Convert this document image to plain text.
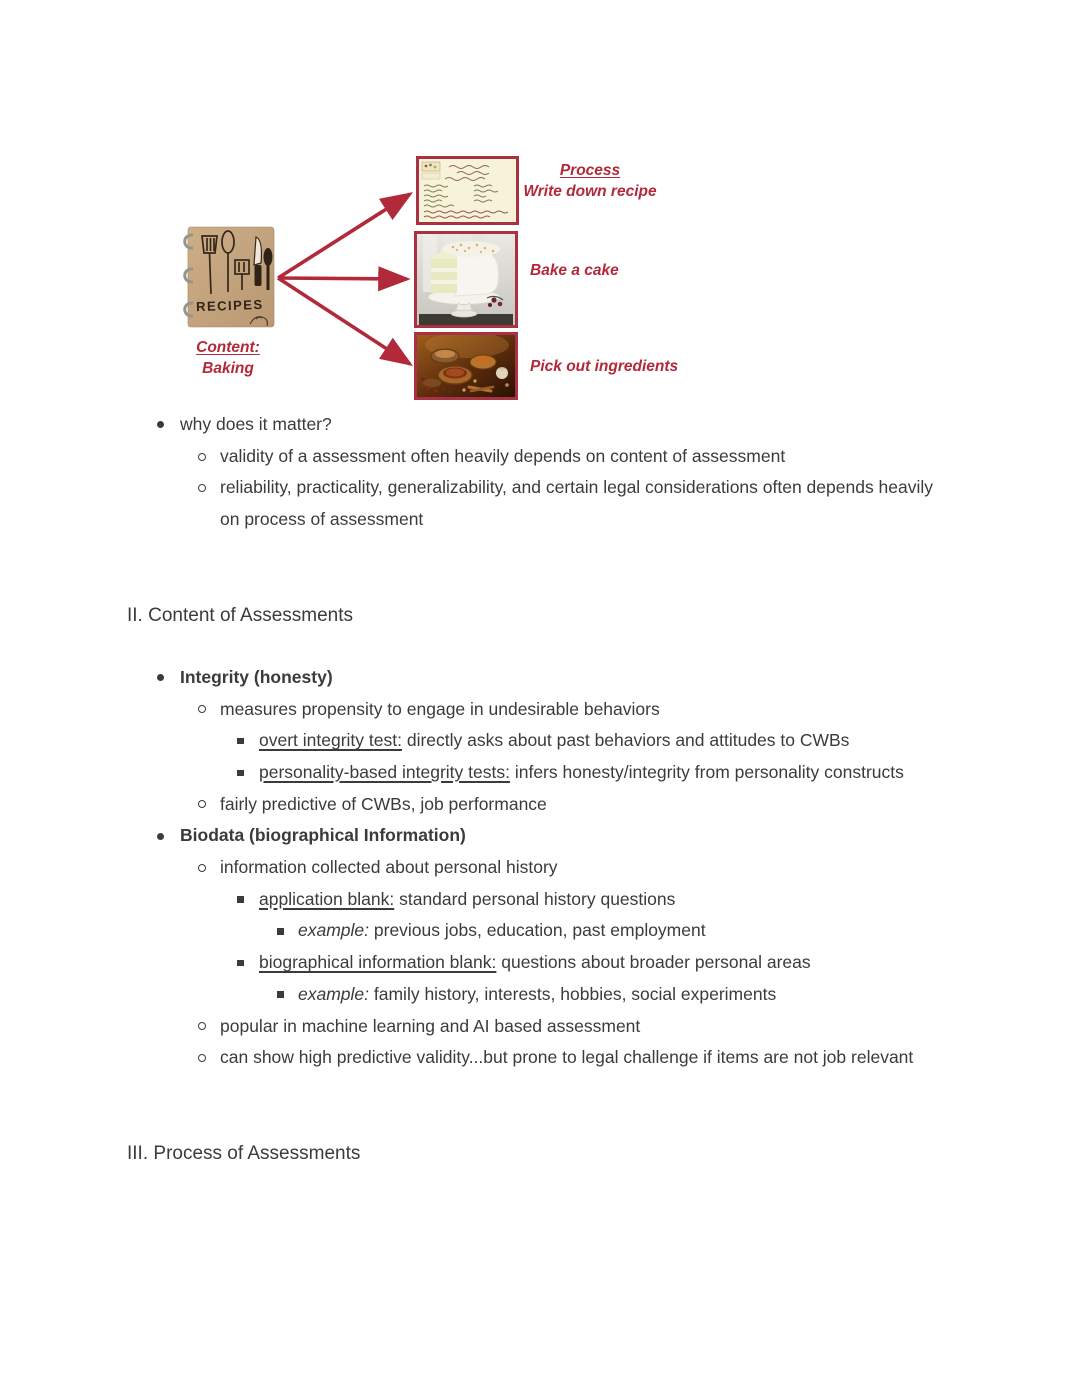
RECIPES
Content:
Baking
Process
Write down recipe
Bake a cake
Pick out ingredients
why does it matter?
validity of a assessment often heavily depends on content of assessment
reliability, practicality, generalizability, and certain legal considerations often depends heavily on process of assessment
II. Content of Assessments
Integrity (honesty)
measures propensity to engage in undesirable behaviors
overt integrity test: directly asks about past behaviors and attitudes to CWBs
personality-based integrity tests: infers honesty/integrity from personality constructs
fairly predictive of CWBs, job performance
Biodata (biographical Information)
information collected about personal history
application blank: standard personal history questions
example: previous jobs, education, past employment
biographical information blank: questions about broader personal areas
example: family history, interests, hobbies, social experiments
popular in machine learning and AI based assessment
can show high predictive validity...but prone to legal challenge if items are not job relevant
III. Process of Assessments
